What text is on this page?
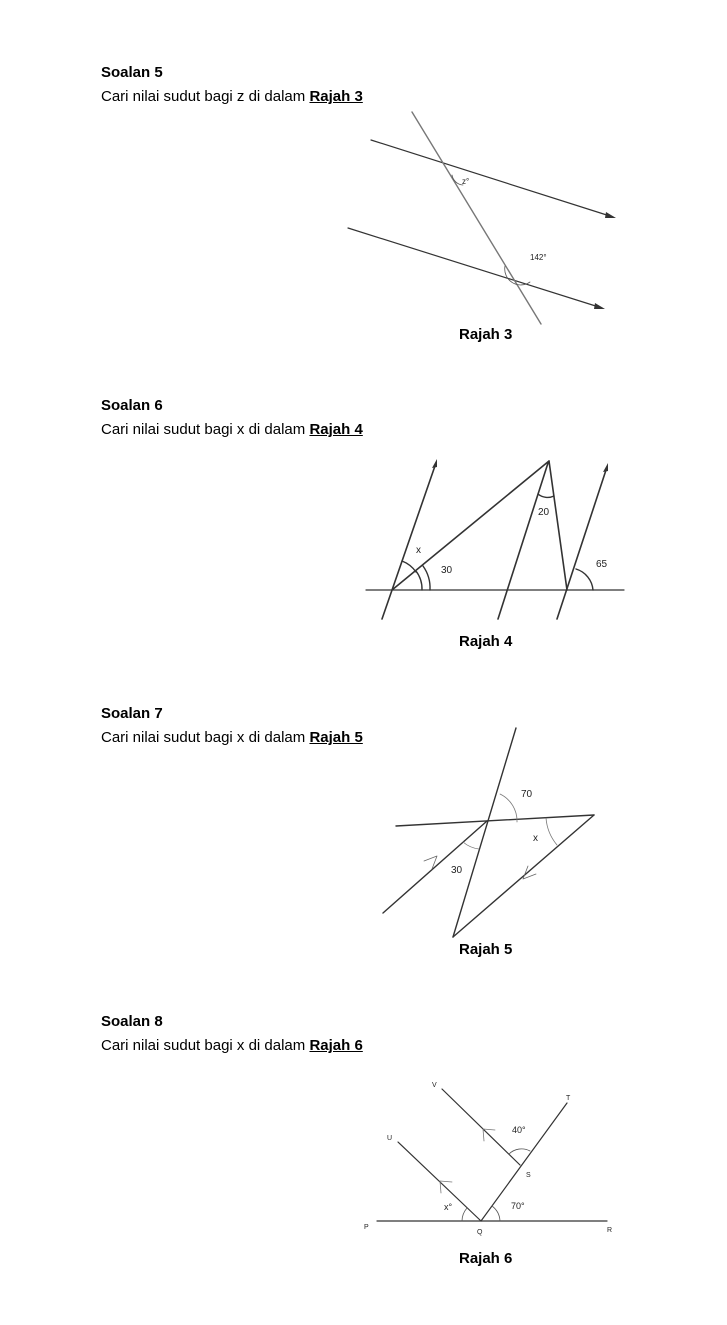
Soalan 5
Cari nilai sudut bagi z di dalam Rajah 3
z°
142°
Rajah 3
Soalan 6
Cari nilai sudut bagi x di dalam Rajah 4
x
30
20
65
Rajah 4
Soalan 7
Cari nilai sudut bagi x di dalam Rajah 5
70
x
30
Rajah 5
Soalan 8
Cari nilai sudut bagi x di dalam Rajah 6
40°
70°
x°
V
T
U
S
P
Q	R
Rajah 6
